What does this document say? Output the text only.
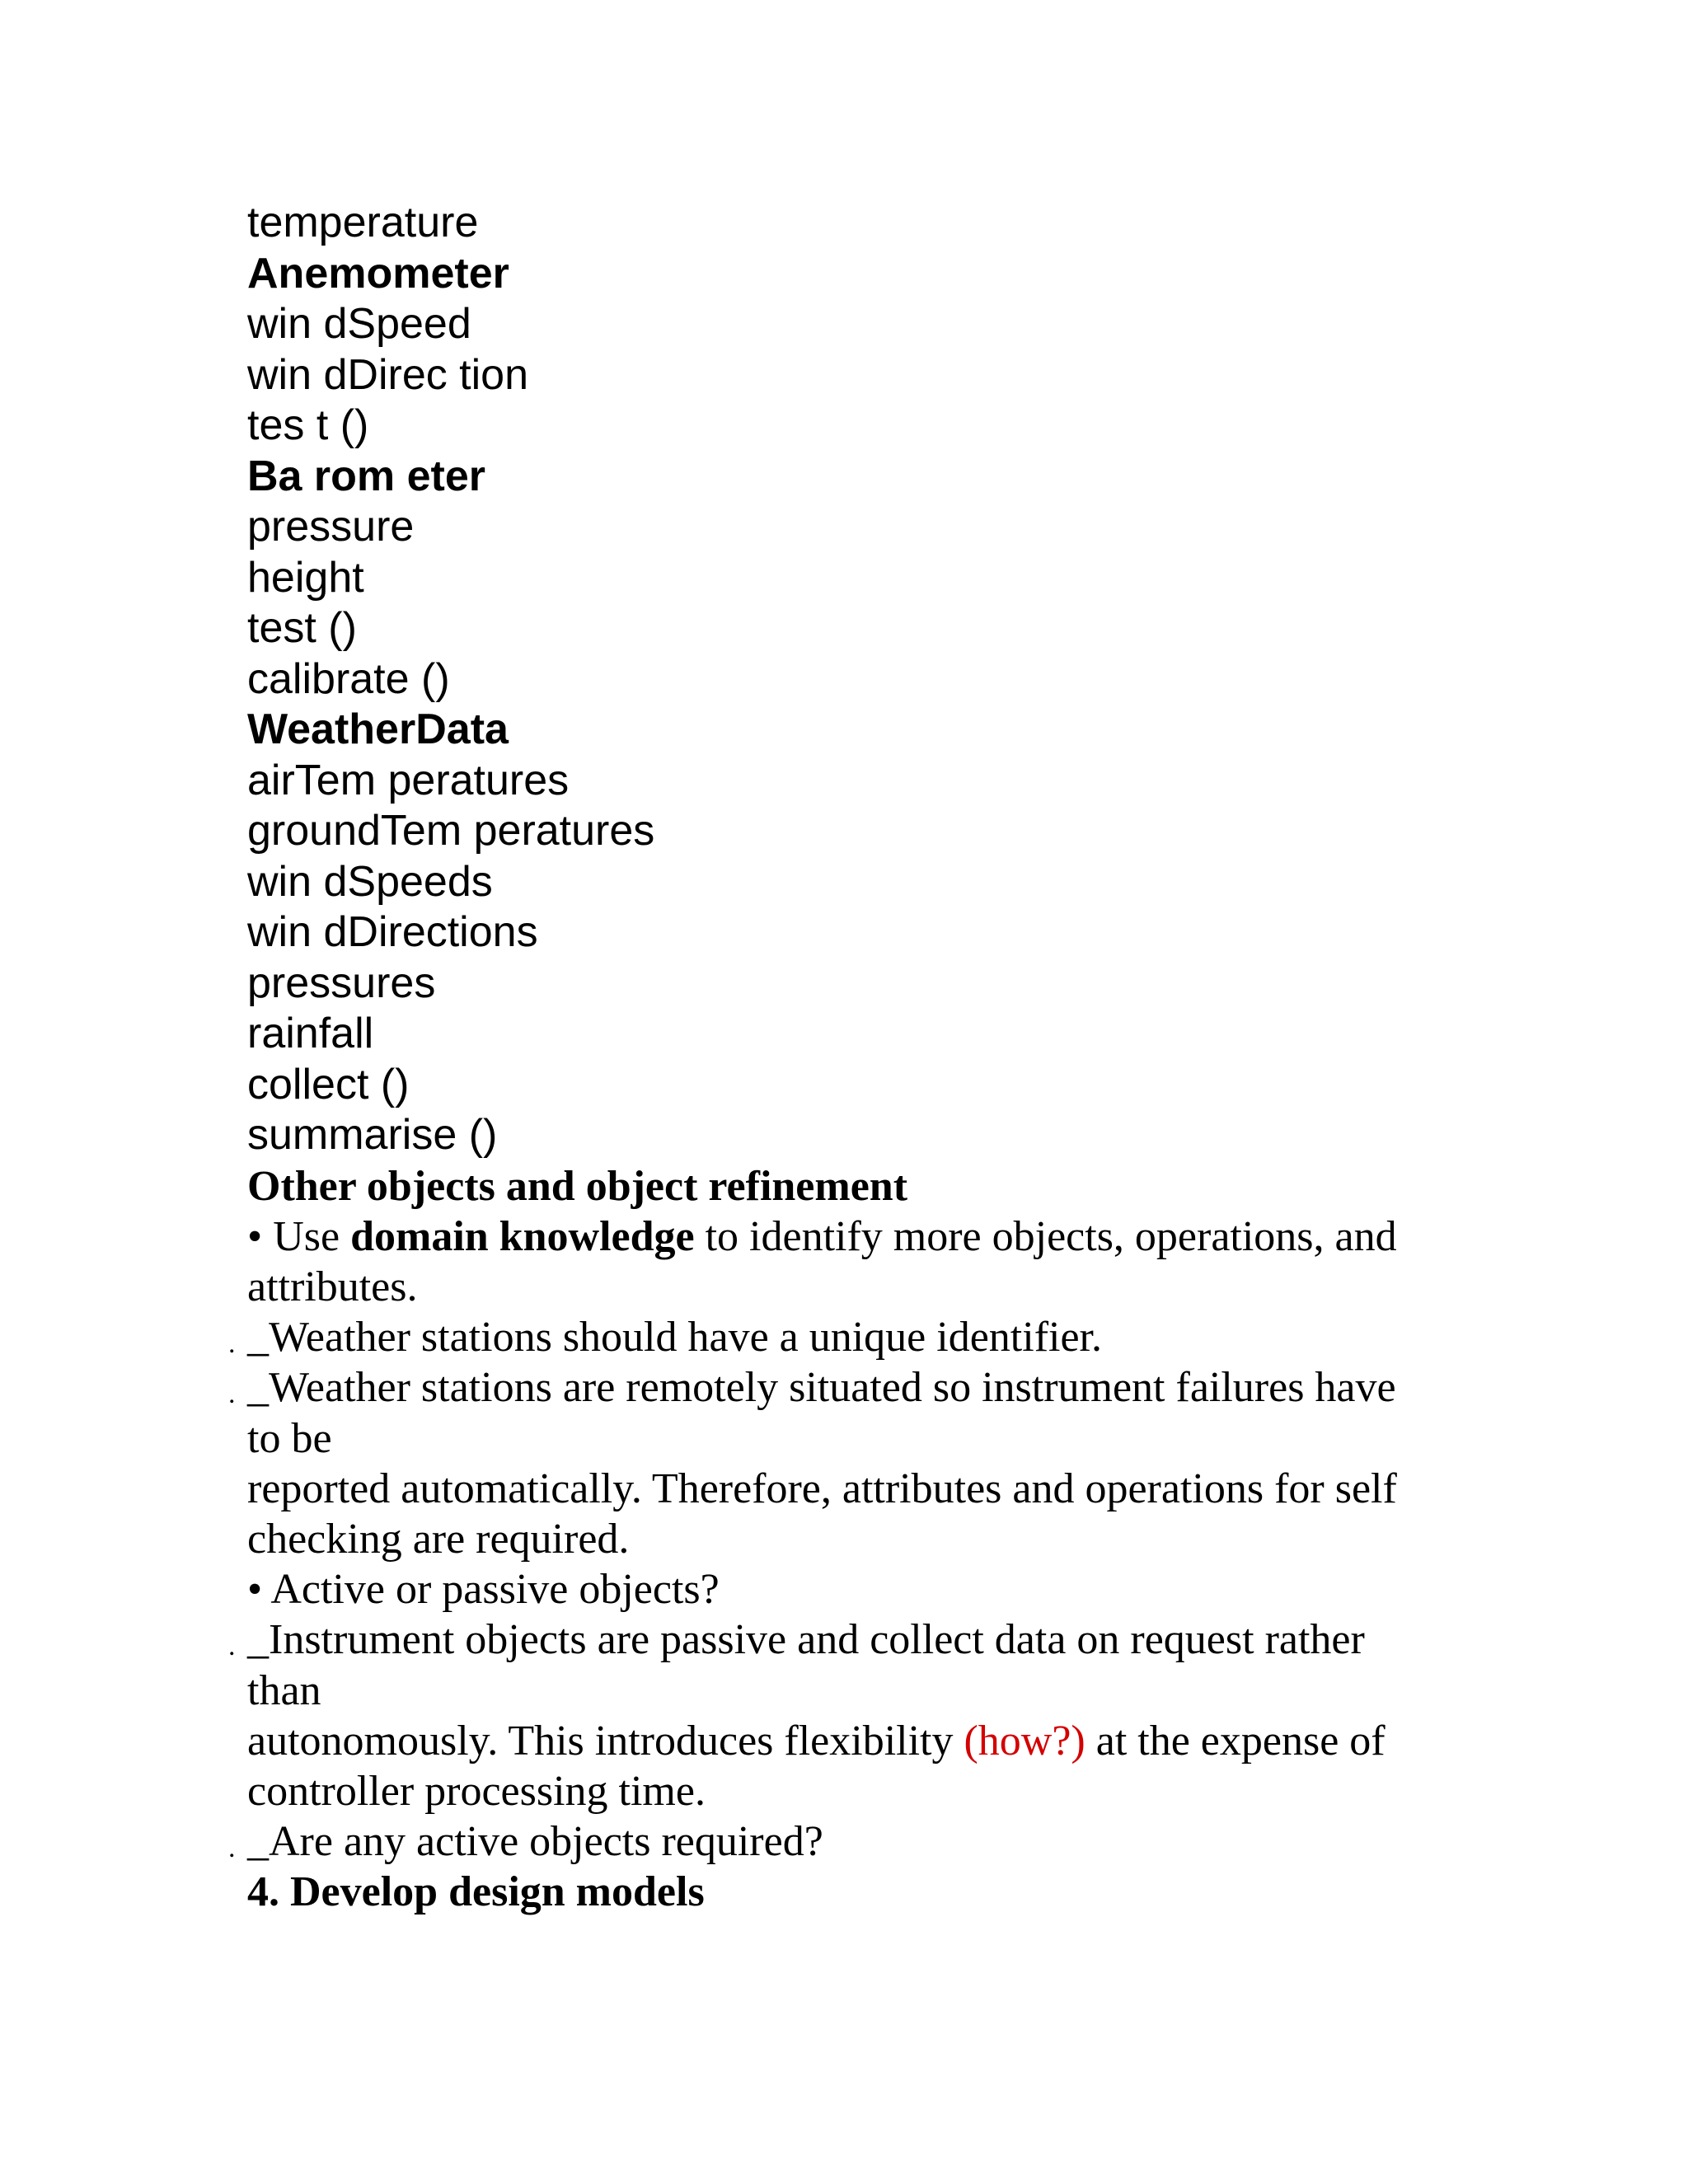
temperature
Anemometer
win dSpeed
win dDirec tion
tes t ()
Ba rom eter
pressure
height
test ()
calibrate ()
WeatherData
airTem peratures
groundTem peratures
win dSpeeds
win dDirections
pressures
rainfall
collect ()
summarise ()
Other objects and object refinement
• Use domain knowledge to identify more objects, operations, and
attributes.
. _Weather stations should have a unique identifier.
. _Weather stations are remotely situated so instrument failures have
to be
reported automatically. Therefore, attributes and operations for self
checking are required.
• Active or passive objects?
. _Instrument objects are passive and collect data on request rather
than
autonomously. This introduces flexibility (how?) at the expense of
controller processing time.
. _Are any active objects required?
4. Develop design models
